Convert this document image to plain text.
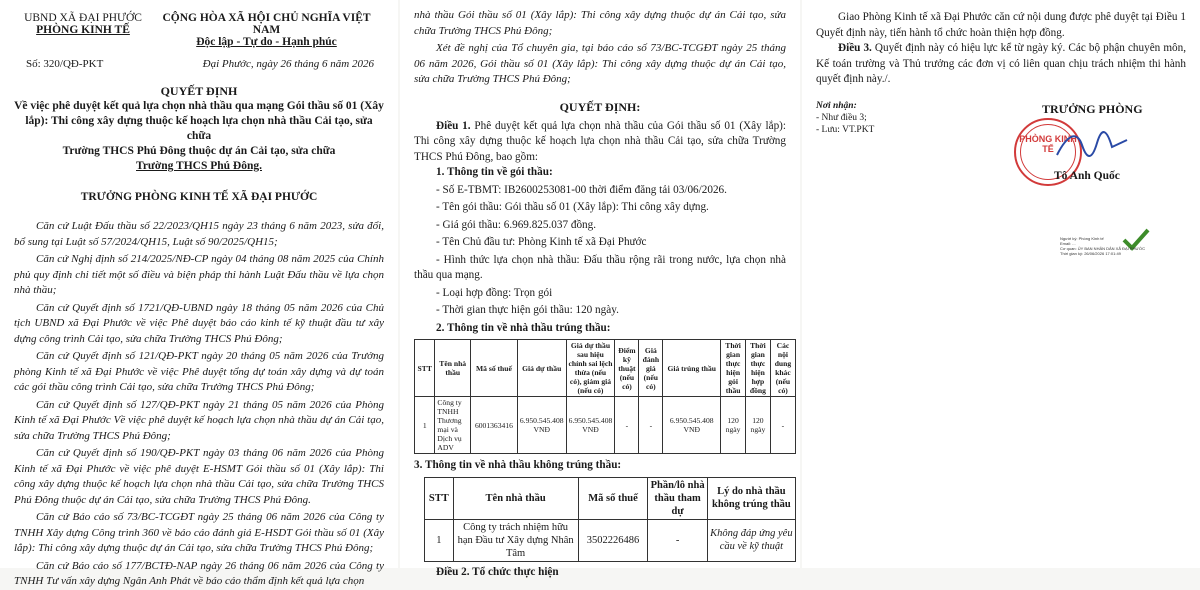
UBND XÃ ĐẠI PHƯỚC
PHÒNG KINH TẾ
CỘNG HÒA XÃ HỘI CHỦ NGHĨA VIỆT NAM
Độc lập - Tự do - Hạnh phúc
Số: 320/QĐ-PKT	Đại Phước, ngày 26 tháng 6 năm 2026
QUYẾT ĐỊNH
Về việc phê duyệt kết quả lựa chọn nhà thầu qua mạng Gói thầu số 01 (Xây
lắp): Thi công xây dựng thuộc kế hoạch lựa chọn nhà thầu Cải tạo, sửa chữa
Trường THCS Phú Đông thuộc dự án Cải tạo, sửa chữa
Trường THCS Phú Đông.
TRƯỞNG PHÒNG KINH TẾ XÃ ĐẠI PHƯỚC

Căn cứ Luật Đấu thầu số 22/2023/QH15 ngày 23 tháng 6 năm 2023, sửa đổi, bổ sung tại Luật số 57/2024/QH15, Luật số 90/2025/QH15;

Căn cứ Nghị định số 214/2025/NĐ-CP ngày 04 tháng 08 năm 2025 của Chính phủ quy định chi tiết một số điều và biện pháp thi hành Luật Đấu thầu về lựa chọn nhà thầu;

Căn cứ Quyết định số 1721/QĐ-UBND ngày 18 tháng 05 năm 2026 của Chủ tịch UBND xã Đại Phước về việc Phê duyệt báo cáo kinh tế kỹ thuật đầu tư xây dựng công trình Cải tạo, sửa chữa Trường THCS Phú Đông;

Căn cứ Quyết định số 121/QĐ-PKT ngày 20 tháng 05 năm 2026 của Trưởng phòng Kinh tế xã Đại Phước về việc Phê duyệt tổng dự toán xây dựng và dự toán các gói thầu công trình Cải tạo, sửa chữa Trường THCS Phú Đông;

Căn cứ Quyết định số 127/QĐ-PKT ngày 21 tháng 05 năm 2026 của Phòng Kinh tế xã Đại Phước Về việc phê duyệt kế hoạch lựa chọn nhà thầu dự án Cải tạo, sửa chữa Trường THCS Phú Đông;

Căn cứ Quyết định số 190/QĐ-PKT ngày 03 tháng 06 năm 2026 của Phòng Kinh tế xã Đại Phước về việc phê duyệt E-HSMT Gói thầu số 01 (Xây lắp): Thi công xây dựng thuộc kế hoạch lựa chọn nhà thầu Cải tạo, sửa chữa Trường THCS Phú Đông thuộc dự án Cải tạo, sửa chữa Trường THCS Phú Đông.

Căn cứ Báo cáo số 73/BC-TCGĐT ngày 25 tháng 06 năm 2026 của Công ty TNHH Xây dựng Công trình 360 về báo cáo đánh giá E-HSDT Gói thầu số 01 (Xây lắp): Thi công xây dựng thuộc dự án Cải tạo, sửa chữa Trường THCS Phú Đông;

Căn cứ Báo cáo số 177/BCTĐ-NAP ngày 26 tháng 06 năm 2026 của Công ty TNHH Tư vấn xây dựng Ngân Anh Phát về báo cáo thẩm định kết quả lựa chọn

nhà thầu Gói thầu số 01 (Xây lắp): Thi công xây dựng thuộc dự án Cải tạo, sửa chữa Trường THCS Phú Đông;

Xét đề nghị của Tổ chuyên gia, tại báo cáo số 73/BC-TCGĐT ngày 25 tháng 06 năm 2026, Gói thầu số 01 (Xây lắp): Thi công xây dựng thuộc dự án Cải tạo, sửa chữa Trường THCS Phú Đông;

QUYẾT ĐỊNH:

Điều 1. Phê duyệt kết quả lựa chọn nhà thầu của Gói thầu số 01 (Xây lắp): Thi công xây dựng thuộc kế hoạch lựa chọn nhà thầu Cải tạo, sửa chữa Trường THCS Phú Đông, bao gồm:

1. Thông tin về gói thầu:

- Số E-TBMT: IB2600253081-00 thời điểm đăng tải 03/06/2026.

- Tên gói thầu: Gói thầu số 01 (Xây lắp): Thi công xây dựng.

- Giá gói thầu: 6.969.825.037 đồng.

- Tên Chủ đầu tư: Phòng Kinh tế xã Đại Phước

- Hình thức lựa chọn nhà thầu: Đấu thầu rộng rãi trong nước, lựa chọn nhà thầu qua mạng.

- Loại hợp đồng: Trọn gói

- Thời gian thực hiện gói thầu: 120 ngày.

2. Thông tin về nhà thầu trúng thầu:

STT	Tên nhà thầu	Mã số thuế	Giá dự thầu	Giá dự thầu sau hiệu chỉnh sai lệch thừa (nếu có), giảm giá (nếu có)	Điểm kỹ thuật (nếu có)	Giá đánh giá (nếu có)	Giá trúng thầu	Thời gian thực hiện gói thầu	Thời gian thực hiện hợp đồng	Các nội dung khác (nếu có)
1	Công ty TNHH Thương mại và Dịch vụ ADV	6001363416	6.950.545.408 VNĐ	6.950.545.408 VNĐ	-	-	6.950.545.408 VNĐ	120 ngày	120 ngày	-

3. Thông tin về nhà thầu không trúng thầu:

STT	Tên nhà thầu	Mã số thuế	Phần/lô nhà thầu tham dự	Lý do nhà thầu không trúng thầu
1	Công ty trách nhiệm hữu hạn Đầu tư Xây dựng Nhân Tâm	3502226486	-	Không đáp ứng yêu cầu về kỹ thuật

Điều 2. Tổ chức thực hiện

Giao Phòng Kinh tế xã Đại Phước căn cứ nội dung được phê duyệt tại Điều 1 Quyết định này, tiến hành tổ chức hoàn thiện hợp đồng.

Điều 3. Quyết định này có hiệu lực kể từ ngày ký. Các bộ phận chuyên môn, Kế toán trường và Thủ trưởng các đơn vị có liên quan chịu trách nhiệm thi hành quyết định này./.

Nơi nhận:
- Như điều 3;
- Lưu: VT.PKT
TRƯỞNG PHÒNG
PHÒNG KINH TẾ
Tô Anh Quốc
Người ký: Phòng Kinh tế
Email: ...
Cơ quan: ỦY BAN NHÂN DÂN XÃ ĐẠI PHƯỚC
Thời gian ký: 26/06/2026 17:01:49
